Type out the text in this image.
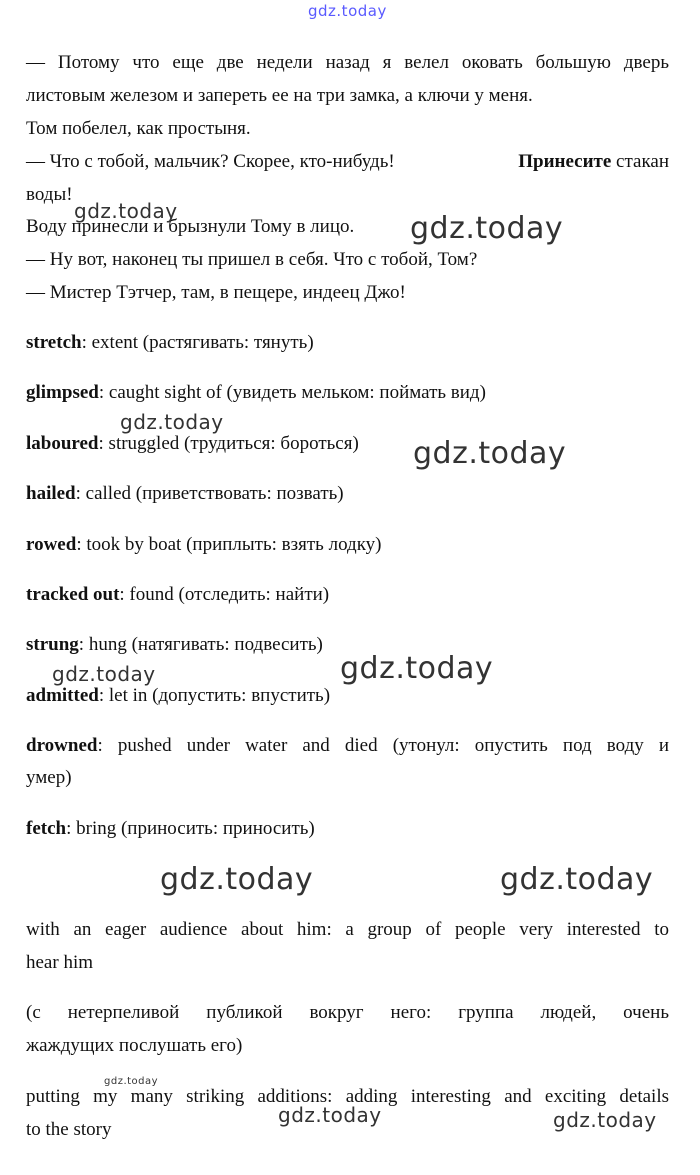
gdz.today
— Потому что еще две недели назад я велел оковать большую дверь
листовым железом и запереть ее на три замка, а ключи у меня.
Том побелел, как простыня.
— Что с тобой, мальчик? Скорее, кто-нибудь!	Принесите стакан
воды!
Воду принесли и брызнули Тому в лицо.
— Ну вот, наконец ты пришел в себя. Что с тобой, Том?
— Мистер Тэтчер, там, в пещере, индеец Джо!
stretch: extent (растягивать: тянуть)
glimpsed: caught sight of (увидеть мельком: поймать вид)
laboured: struggled (трудиться: бороться)
hailed: called (приветствовать: позвать)
rowed: took by boat (приплыть: взять лодку)
tracked out: found (отследить: найти)
strung: hung (натягивать: подвесить)
admitted: let in (допустить: впустить)
drowned: pushed under water and died (утонул: опустить под воду и
умер)
fetch: bring (приносить: приносить)
with an eager audience about him: a group of people very interested to
hear him
(с нетерпеливой публикой вокруг него: группа людей, очень
жаждущих послушать его)
putting my many striking additions: adding interesting and exciting details
to the story
gdz.today	gdz.today
gdz.today
gdz.today
gdz.today	gdz.today
gdz.today	gdz.today
gdz.today
gdz.today	gdz.today
